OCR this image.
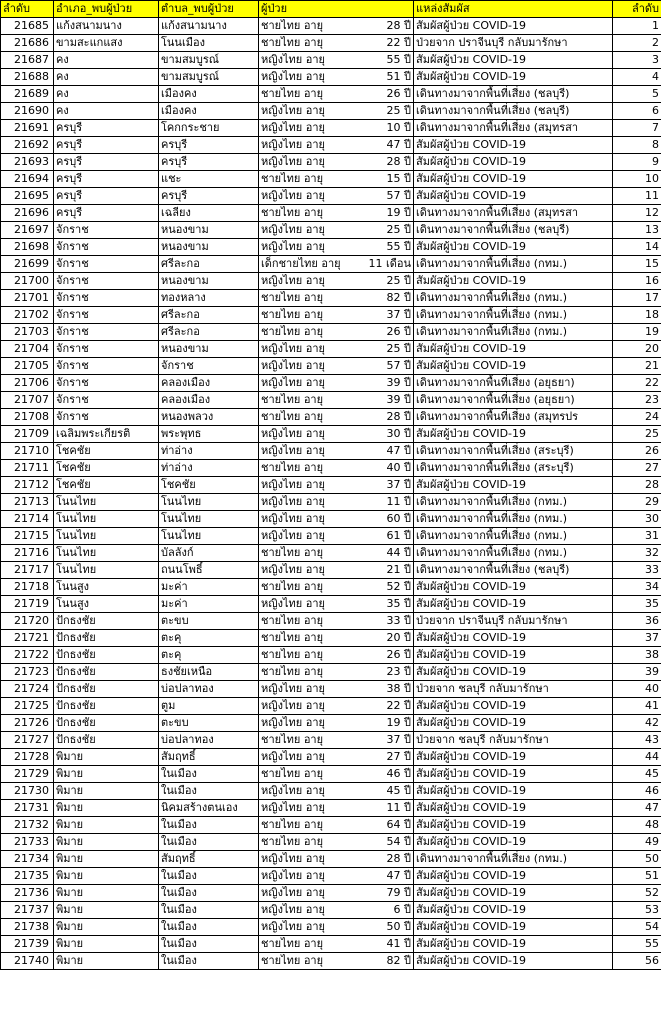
ลำดับ	อำเภอ_พบผู้ป่วย	ตำบล_พบผู้ป่วย	ผู้ป่วย	แหล่งสัมผัส	ลำดับ
21685	แก้งสนามนาง	แก้งสนามนาง	ชายไทย อายุ 28 ปี	สัมผัสผู้ป่วย COVID-19	1
21686	ขามสะแกแสง	โนนเมือง	ชายไทย อายุ 22 ปี	ป่วยจาก ปราจีนบุรี กลับมารักษา	2
21687	คง	ขามสมบูรณ์	หญิงไทย อายุ 55 ปี	สัมผัสผู้ป่วย COVID-19	3
21688	คง	ขามสมบูรณ์	หญิงไทย อายุ 51 ปี	สัมผัสผู้ป่วย COVID-19	4
21689	คง	เมืองคง	ชายไทย อายุ 26 ปี	เดินทางมาจากพื้นที่เสี่ยง (ชลบุรี)	5
21690	คง	เมืองคง	หญิงไทย อายุ 25 ปี	เดินทางมาจากพื้นที่เสี่ยง (ชลบุรี)	6
21691	ครบุรี	โคกกระชาย	หญิงไทย อายุ 10 ปี	เดินทางมาจากพื้นที่เสี่ยง (สมุทรสา	7
21692	ครบุรี	ครบุรี	หญิงไทย อายุ 47 ปี	สัมผัสผู้ป่วย COVID-19	8
21693	ครบุรี	ครบุรี	หญิงไทย อายุ 28 ปี	สัมผัสผู้ป่วย COVID-19	9
21694	ครบุรี	แชะ	ชายไทย อายุ 15 ปี	สัมผัสผู้ป่วย COVID-19	10
21695	ครบุรี	ครบุรี	หญิงไทย อายุ 57 ปี	สัมผัสผู้ป่วย COVID-19	11
21696	ครบุรี	เฉลียง	ชายไทย อายุ 19 ปี	เดินทางมาจากพื้นที่เสี่ยง (สมุทรสา	12
21697	จักราช	หนองขาม	หญิงไทย อายุ 25 ปี	เดินทางมาจากพื้นที่เสี่ยง (ชลบุรี)	13
21698	จักราช	หนองขาม	หญิงไทย อายุ 55 ปี	สัมผัสผู้ป่วย COVID-19	14
21699	จักราช	ศรีละกอ	เด็กชายไทย อายุ 11 เดือน	เดินทางมาจากพื้นที่เสี่ยง (กทม.)	15
21700	จักราช	หนองขาม	หญิงไทย อายุ 25 ปี	สัมผัสผู้ป่วย COVID-19	16
21701	จักราช	ทองหลาง	ชายไทย อายุ 82 ปี	เดินทางมาจากพื้นที่เสี่ยง (กทม.)	17
21702	จักราช	ศรีละกอ	ชายไทย อายุ 37 ปี	เดินทางมาจากพื้นที่เสี่ยง (กทม.)	18
21703	จักราช	ศรีละกอ	ชายไทย อายุ 26 ปี	เดินทางมาจากพื้นที่เสี่ยง (กทม.)	19
21704	จักราช	หนองขาม	หญิงไทย อายุ 25 ปี	สัมผัสผู้ป่วย COVID-19	20
21705	จักราช	จักราช	หญิงไทย อายุ 57 ปี	สัมผัสผู้ป่วย COVID-19	21
21706	จักราช	คลองเมือง	หญิงไทย อายุ 39 ปี	เดินทางมาจากพื้นที่เสี่ยง (อยุธยา)	22
21707	จักราช	คลองเมือง	ชายไทย อายุ 39 ปี	เดินทางมาจากพื้นที่เสี่ยง (อยุธยา)	23
21708	จักราช	หนองพลวง	ชายไทย อายุ 28 ปี	เดินทางมาจากพื้นที่เสี่ยง (สมุทรปร	24
21709	เฉลิมพระเกียรติ	พระพุทธ	หญิงไทย อายุ 30 ปี	สัมผัสผู้ป่วย COVID-19	25
21710	โชคชัย	ท่าอ่าง	หญิงไทย อายุ 47 ปี	เดินทางมาจากพื้นที่เสี่ยง (สระบุรี)	26
21711	โชคชัย	ท่าอ่าง	ชายไทย อายุ 40 ปี	เดินทางมาจากพื้นที่เสี่ยง (สระบุรี)	27
21712	โชคชัย	โชคชัย	หญิงไทย อายุ 37 ปี	สัมผัสผู้ป่วย COVID-19	28
21713	โนนไทย	โนนไทย	หญิงไทย อายุ 11 ปี	เดินทางมาจากพื้นที่เสี่ยง (กทม.)	29
21714	โนนไทย	โนนไทย	หญิงไทย อายุ 60 ปี	เดินทางมาจากพื้นที่เสี่ยง (กทม.)	30
21715	โนนไทย	โนนไทย	หญิงไทย อายุ 61 ปี	เดินทางมาจากพื้นที่เสี่ยง (กทม.)	31
21716	โนนไทย	บัลลังก์	ชายไทย อายุ 44 ปี	เดินทางมาจากพื้นที่เสี่ยง (กทม.)	32
21717	โนนไทย	ถนนโพธิ์	หญิงไทย อายุ 21 ปี	เดินทางมาจากพื้นที่เสี่ยง (ชลบุรี)	33
21718	โนนสูง	มะค่า	ชายไทย อายุ 52 ปี	สัมผัสผู้ป่วย COVID-19	34
21719	โนนสูง	มะค่า	หญิงไทย อายุ 35 ปี	สัมผัสผู้ป่วย COVID-19	35
21720	ปักธงชัย	ตะขบ	ชายไทย อายุ 33 ปี	ป่วยจาก ปราจีนบุรี กลับมารักษา	36
21721	ปักธงชัย	ตะคุ	ชายไทย อายุ 20 ปี	สัมผัสผู้ป่วย COVID-19	37
21722	ปักธงชัย	ตะคุ	ชายไทย อายุ 26 ปี	สัมผัสผู้ป่วย COVID-19	38
21723	ปักธงชัย	ธงชัยเหนือ	ชายไทย อายุ 23 ปี	สัมผัสผู้ป่วย COVID-19	39
21724	ปักธงชัย	บ่อปลาทอง	หญิงไทย อายุ 38 ปี	ป่วยจาก ชลบุรี กลับมารักษา	40
21725	ปักธงชัย	ตูม	หญิงไทย อายุ 22 ปี	สัมผัสผู้ป่วย COVID-19	41
21726	ปักธงชัย	ตะขบ	หญิงไทย อายุ 19 ปี	สัมผัสผู้ป่วย COVID-19	42
21727	ปักธงชัย	บ่อปลาทอง	ชายไทย อายุ 37 ปี	ป่วยจาก ชลบุรี กลับมารักษา	43
21728	พิมาย	สัมฤทธิ์	หญิงไทย อายุ 27 ปี	สัมผัสผู้ป่วย COVID-19	44
21729	พิมาย	ในเมือง	ชายไทย อายุ 46 ปี	สัมผัสผู้ป่วย COVID-19	45
21730	พิมาย	ในเมือง	หญิงไทย อายุ 45 ปี	สัมผัสผู้ป่วย COVID-19	46
21731	พิมาย	นิคมสร้างตนเอง	หญิงไทย อายุ 11 ปี	สัมผัสผู้ป่วย COVID-19	47
21732	พิมาย	ในเมือง	ชายไทย อายุ 64 ปี	สัมผัสผู้ป่วย COVID-19	48
21733	พิมาย	ในเมือง	ชายไทย อายุ 54 ปี	สัมผัสผู้ป่วย COVID-19	49
21734	พิมาย	สัมฤทธิ์	หญิงไทย อายุ 28 ปี	เดินทางมาจากพื้นที่เสี่ยง (กทม.)	50
21735	พิมาย	ในเมือง	หญิงไทย อายุ 47 ปี	สัมผัสผู้ป่วย COVID-19	51
21736	พิมาย	ในเมือง	หญิงไทย อายุ 79 ปี	สัมผัสผู้ป่วย COVID-19	52
21737	พิมาย	ในเมือง	หญิงไทย อายุ 6 ปี	สัมผัสผู้ป่วย COVID-19	53
21738	พิมาย	ในเมือง	หญิงไทย อายุ 50 ปี	สัมผัสผู้ป่วย COVID-19	54
21739	พิมาย	ในเมือง	ชายไทย อายุ 41 ปี	สัมผัสผู้ป่วย COVID-19	55
21740	พิมาย	ในเมือง	ชายไทย อายุ 82 ปี	สัมผัสผู้ป่วย COVID-19	56
